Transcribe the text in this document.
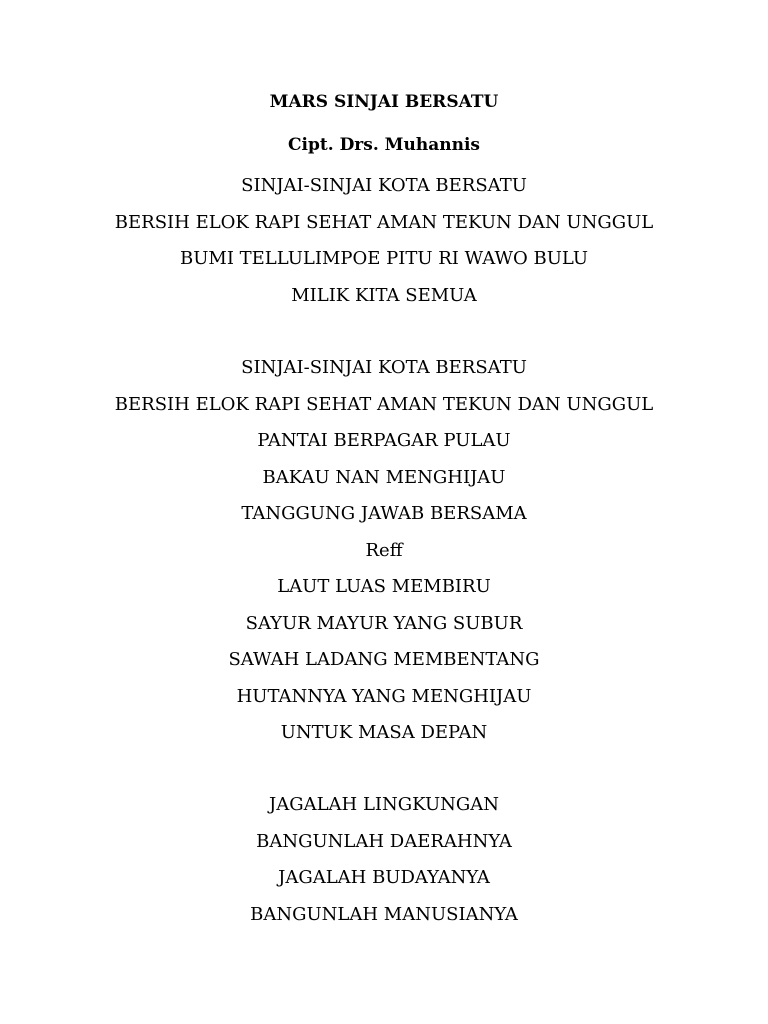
MARS SINJAI BERSATU
Cipt. Drs. Muhannis
SINJAI-SINJAI KOTA BERSATU
BERSIH ELOK RAPI SEHAT AMAN TEKUN DAN UNGGUL
BUMI TELLULIMPOE PITU RI WAWO BULU
MILIK KITA SEMUA
SINJAI-SINJAI KOTA BERSATU
BERSIH ELOK RAPI SEHAT AMAN TEKUN DAN UNGGUL
PANTAI BERPAGAR PULAU
BAKAU NAN MENGHIJAU
TANGGUNG JAWAB BERSAMA
Reff
LAUT LUAS MEMBIRU
SAYUR MAYUR YANG SUBUR
SAWAH LADANG MEMBENTANG
HUTANNYA YANG MENGHIJAU
UNTUK MASA DEPAN
JAGALAH LINGKUNGAN
BANGUNLAH DAERAHNYA
JAGALAH BUDAYANYA
BANGUNLAH MANUSIANYA
